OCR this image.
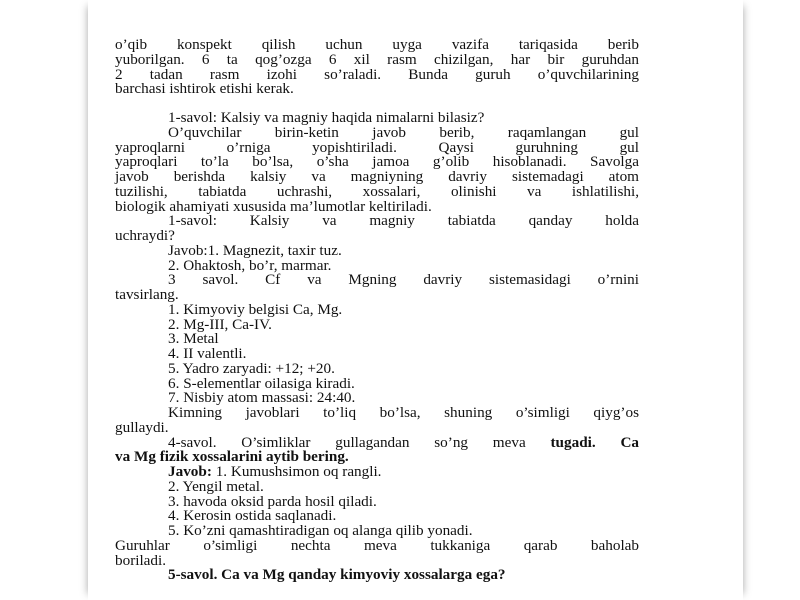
o’qib konspekt qilish uchun uyga vazifa tariqasida berib

yuborilgan. 6 ta qog’ozga 6 xil rasm chizilgan, har bir guruhdan

2 tadan rasm izohi so’raladi. Bunda guruh o’quvchilarining

barchasi ishtirok etishi kerak.

1-savol: Kalsiy va magniy haqida nimalarni bilasiz?

O’quvchilar birin-ketin javob berib, raqamlangan gul

yaproqlarni o’rniga yopishtiriladi. Qaysi guruhning gul

yaproqlari to’la bo’lsa, o’sha jamoa g’olib hisoblanadi. Savolga

javob berishda kalsiy va magniyning davriy sistemadagi atom

tuzilishi, tabiatda uchrashi, xossalari, olinishi va ishlatilishi,

biologik ahamiyati xususida ma’lumotlar keltiriladi.

1-savol: Kalsiy va magniy tabiatda qanday holda

uchraydi?

Javob:1. Magnezit, taxir tuz.

2. Ohaktosh, bo’r, marmar.

3 savol. Cf va Mgning davriy sistemasidagi o’rnini

tavsirlang.

1. Kimyoviy belgisi Ca, Mg.

2. Mg-III, Ca-IV.

3. Metal

4. II valentli.

5. Yadro zaryadi: +12; +20.

6. S-elementlar oilasiga kiradi.

7. Nisbiy atom massasi: 24:40.

Kimning javoblari to’liq bo’lsa, shuning o’simligi qiyg’os

gullaydi.

4-savol. O’simliklar gullagandan so’ng meva tugadi. Ca

va Mg fizik xossalarini aytib bering.

Javob: 1. Kumushsimon oq rangli.

2. Yengil metal.

3. havoda oksid parda hosil qiladi.

4. Kerosin ostida saqlanadi.

5. Ko’zni qamashtiradigan oq alanga qilib yonadi.

Guruhlar o’simligi nechta meva tukkaniga qarab baholab

boriladi.

5-savol. Ca va Mg qanday kimyoviy xossalarga ega?
